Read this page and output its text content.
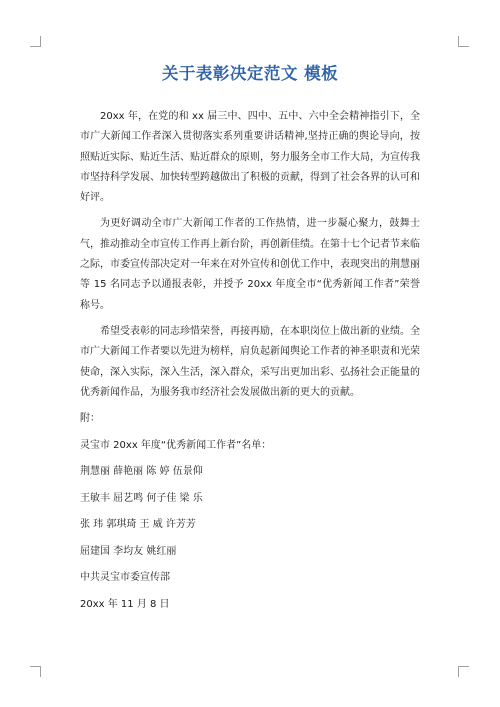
关于表彰决定范文 模板

20xx 年，在党的和 xx 届三中、四中、五中、六中全会精神指引下，全市广大新闻工作者深入贯彻落实系列重要讲话精神,坚持正确的舆论导向，按照贴近实际、贴近生活、贴近群众的原则，努力服务全市工作大局，为宣传我市坚持科学发展、加快转型跨越做出了积极的贡献，得到了社会各界的认可和好评。

为更好调动全市广大新闻工作者的工作热情，进一步凝心聚力，鼓舞士气，推动推动全市宣传工作再上新台阶，再创新佳绩。在第十七个记者节来临之际，市委宣传部决定对一年来在对外宣传和创优工作中，表现突出的荆慧丽等 15 名同志予以通报表彰，并授予 20xx 年度全市“优秀新闻工作者”荣誉称号。

希望受表彰的同志珍惜荣誉，再接再励，在本职岗位上做出新的业绩。全市广大新闻工作者要以先进为榜样，肩负起新闻舆论工作者的神圣职责和光荣使命，深入实际，深入生活，深入群众，采写出更加出彩、弘扬社会正能量的优秀新闻作品，为服务我市经济社会发展做出新的更大的贡献。

附：

灵宝市 20xx 年度“优秀新闻工作者”名单：

荆慧丽 薛艳丽 陈 婷 伍景仰

王敏丰 屈艺鸣 何子佳 梁 乐

张 玮 郭琪琦 王 威 许芳芳

屈建国 李均友 姚红丽

中共灵宝市委宣传部

20xx 年 11 月 8 日
